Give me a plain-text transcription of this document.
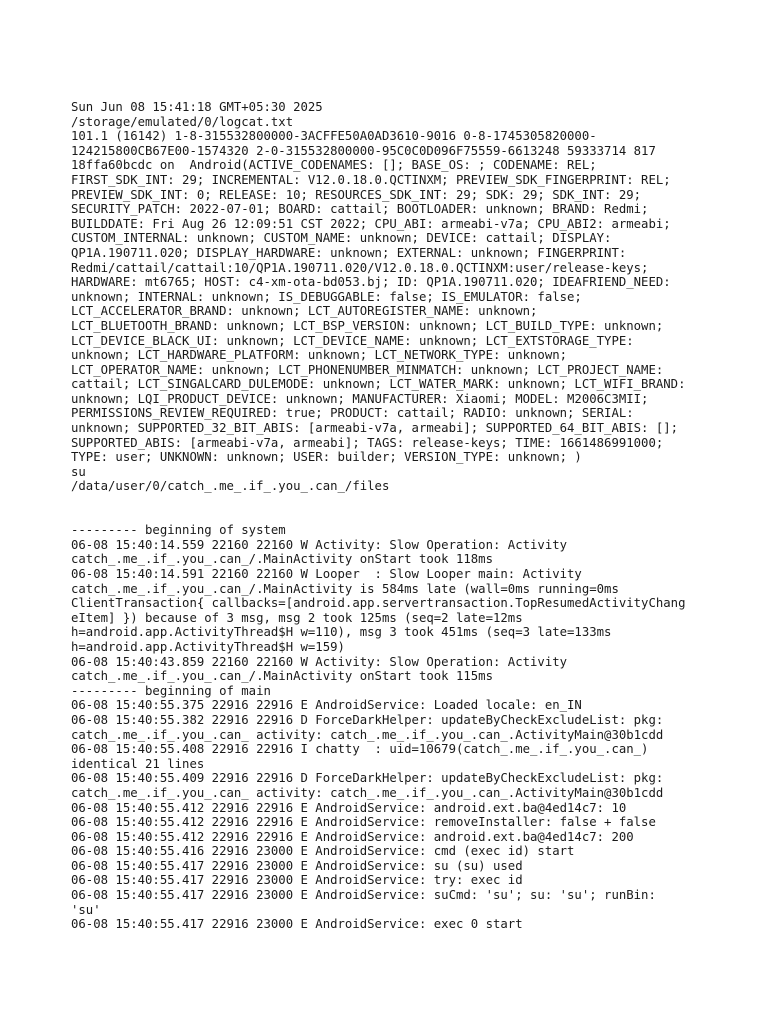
Sun Jun 08 15:41:18 GMT+05:30 2025
/storage/emulated/0/logcat.txt
101.1 (16142) 1-8-315532800000-3ACFFE50A0AD3610-9016 0-8-1745305820000-
124215800CB67E00-1574320 2-0-315532800000-95C0C0D096F75559-6613248 59333714 817
18ffa60bcdc on  Android(ACTIVE_CODENAMES: []; BASE_OS: ; CODENAME: REL;
FIRST_SDK_INT: 29; INCREMENTAL: V12.0.18.0.QCTINXM; PREVIEW_SDK_FINGERPRINT: REL;
PREVIEW_SDK_INT: 0; RELEASE: 10; RESOURCES_SDK_INT: 29; SDK: 29; SDK_INT: 29;
SECURITY_PATCH: 2022-07-01; BOARD: cattail; BOOTLOADER: unknown; BRAND: Redmi;
BUILDDATE: Fri Aug 26 12:09:51 CST 2022; CPU_ABI: armeabi-v7a; CPU_ABI2: armeabi;
CUSTOM_INTERNAL: unknown; CUSTOM_NAME: unknown; DEVICE: cattail; DISPLAY:
QP1A.190711.020; DISPLAY_HARDWARE: unknown; EXTERNAL: unknown; FINGERPRINT:
Redmi/cattail/cattail:10/QP1A.190711.020/V12.0.18.0.QCTINXM:user/release-keys;
HARDWARE: mt6765; HOST: c4-xm-ota-bd053.bj; ID: QP1A.190711.020; IDEAFRIEND_NEED:
unknown; INTERNAL: unknown; IS_DEBUGGABLE: false; IS_EMULATOR: false;
LCT_ACCELERATOR_BRAND: unknown; LCT_AUTOREGISTER_NAME: unknown;
LCT_BLUETOOTH_BRAND: unknown; LCT_BSP_VERSION: unknown; LCT_BUILD_TYPE: unknown;
LCT_DEVICE_BLACK_UI: unknown; LCT_DEVICE_NAME: unknown; LCT_EXTSTORAGE_TYPE:
unknown; LCT_HARDWARE_PLATFORM: unknown; LCT_NETWORK_TYPE: unknown;
LCT_OPERATOR_NAME: unknown; LCT_PHONENUMBER_MINMATCH: unknown; LCT_PROJECT_NAME:
cattail; LCT_SINGALCARD_DULEMODE: unknown; LCT_WATER_MARK: unknown; LCT_WIFI_BRAND:
unknown; LQI_PRODUCT_DEVICE: unknown; MANUFACTURER: Xiaomi; MODEL: M2006C3MII;
PERMISSIONS_REVIEW_REQUIRED: true; PRODUCT: cattail; RADIO: unknown; SERIAL:
unknown; SUPPORTED_32_BIT_ABIS: [armeabi-v7a, armeabi]; SUPPORTED_64_BIT_ABIS: [];
SUPPORTED_ABIS: [armeabi-v7a, armeabi]; TAGS: release-keys; TIME: 1661486991000;
TYPE: user; UNKNOWN: unknown; USER: builder; VERSION_TYPE: unknown; )
su
/data/user/0/catch_.me_.if_.you_.can_/files
--------- beginning of system
06-08 15:40:14.559 22160 22160 W Activity: Slow Operation: Activity
catch_.me_.if_.you_.can_/.MainActivity onStart took 118ms
06-08 15:40:14.591 22160 22160 W Looper  : Slow Looper main: Activity
catch_.me_.if_.you_.can_/.MainActivity is 584ms late (wall=0ms running=0ms
ClientTransaction{ callbacks=[android.app.servertransaction.TopResumedActivityChang
eItem] }) because of 3 msg, msg 2 took 125ms (seq=2 late=12ms
h=android.app.ActivityThread$H w=110), msg 3 took 451ms (seq=3 late=133ms
h=android.app.ActivityThread$H w=159)
06-08 15:40:43.859 22160 22160 W Activity: Slow Operation: Activity
catch_.me_.if_.you_.can_/.MainActivity onStart took 115ms
--------- beginning of main
06-08 15:40:55.375 22916 22916 E AndroidService: Loaded locale: en_IN
06-08 15:40:55.382 22916 22916 D ForceDarkHelper: updateByCheckExcludeList: pkg:
catch_.me_.if_.you_.can_ activity: catch_.me_.if_.you_.can_.ActivityMain@30b1cdd
06-08 15:40:55.408 22916 22916 I chatty  : uid=10679(catch_.me_.if_.you_.can_)
identical 21 lines
06-08 15:40:55.409 22916 22916 D ForceDarkHelper: updateByCheckExcludeList: pkg:
catch_.me_.if_.you_.can_ activity: catch_.me_.if_.you_.can_.ActivityMain@30b1cdd
06-08 15:40:55.412 22916 22916 E AndroidService: android.ext.ba@4ed14c7: 10
06-08 15:40:55.412 22916 22916 E AndroidService: removeInstaller: false + false
06-08 15:40:55.412 22916 22916 E AndroidService: android.ext.ba@4ed14c7: 200
06-08 15:40:55.416 22916 23000 E AndroidService: cmd (exec id) start
06-08 15:40:55.417 22916 23000 E AndroidService: su (su) used
06-08 15:40:55.417 22916 23000 E AndroidService: try: exec id
06-08 15:40:55.417 22916 23000 E AndroidService: suCmd: 'su'; su: 'su'; runBin:
'su'
06-08 15:40:55.417 22916 23000 E AndroidService: exec 0 start
